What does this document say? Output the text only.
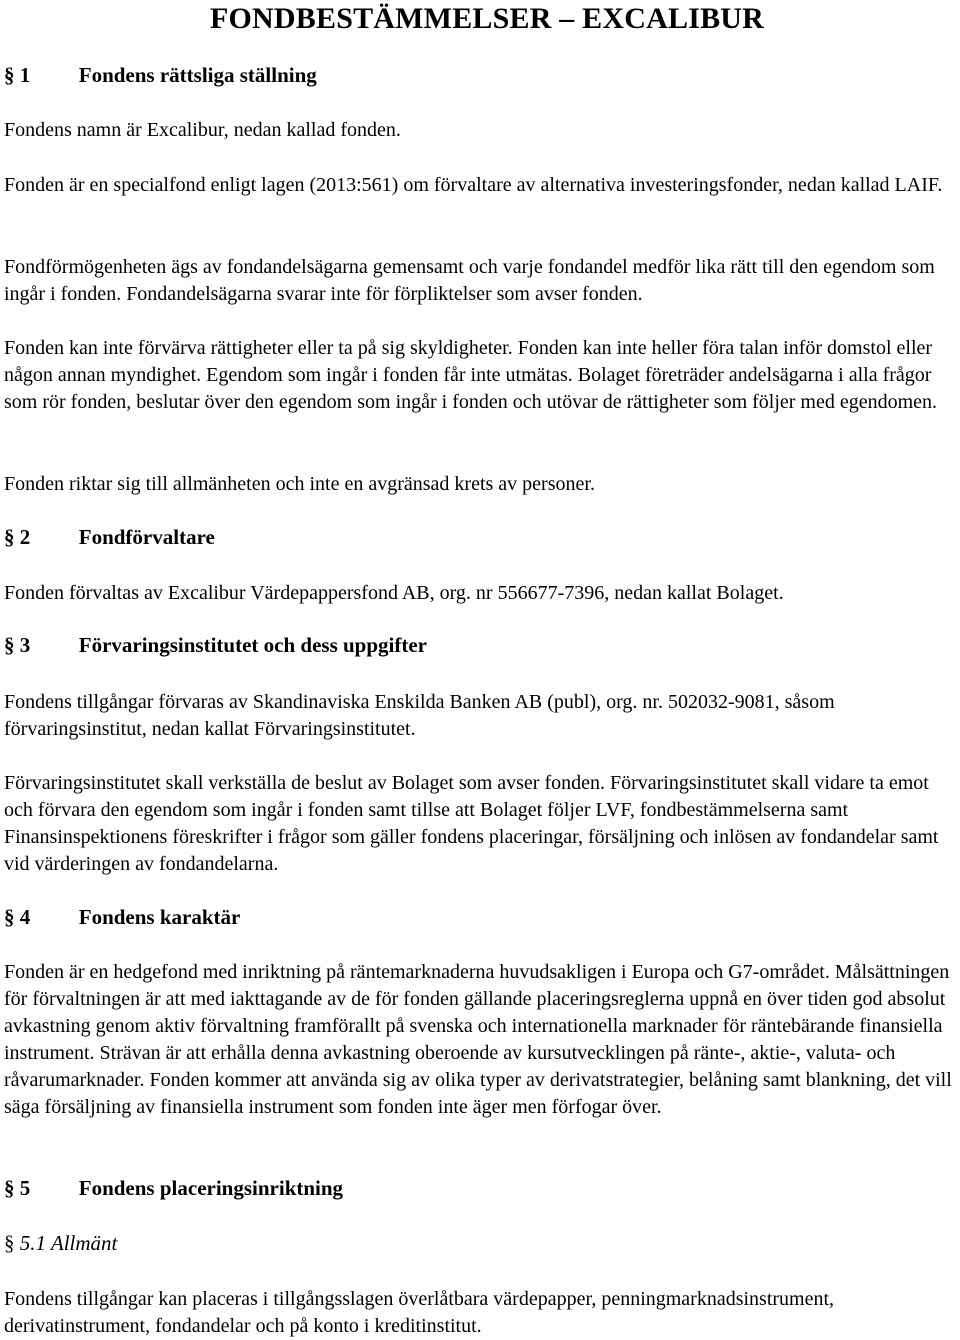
FONDBESTÄMMELSER – EXCALIBUR
§ 1 Fondens rättsliga ställning

Fondens namn är Excalibur, nedan kallad fonden.

Fonden är en specialfond enligt lagen (2013:561) om förvaltare av alternativa investeringsfonder, nedan kallad LAIF.

Fondförmögenheten ägs av fondandelsägarna gemensamt och varje fondandel medför lika rätt till den egendom som ingår i fonden. Fondandelsägarna svarar inte för förpliktelser som avser fonden.

Fonden kan inte förvärva rättigheter eller ta på sig skyldigheter. Fonden kan inte heller föra talan inför domstol eller någon annan myndighet. Egendom som ingår i fonden får inte utmätas. Bolaget företräder andelsägarna i alla frågor som rör fonden, beslutar över den egendom som ingår i fonden och utövar de rättigheter som följer med egendomen.

Fonden riktar sig till allmänheten och inte en avgränsad krets av personer.

§ 2 Fondförvaltare

Fonden förvaltas av Excalibur Värdepappersfond AB, org. nr 556677-7396, nedan kallat Bolaget.

§ 3 Förvaringsinstitutet och dess uppgifter

Fondens tillgångar förvaras av Skandinaviska Enskilda Banken AB (publ), org. nr. 502032-9081, såsom förvaringsinstitut, nedan kallat Förvaringsinstitutet.

Förvaringsinstitutet skall verkställa de beslut av Bolaget som avser fonden. Förvaringsinstitutet skall vidare ta emot och förvara den egendom som ingår i fonden samt tillse att Bolaget följer LVF, fondbestämmelserna samt Finansinspektionens föreskrifter i frågor som gäller fondens placeringar, försäljning och inlösen av fondandelar samt vid värderingen av fondandelarna.

§ 4 Fondens karaktär

Fonden är en hedgefond med inriktning på räntemarknaderna huvudsakligen i Europa och G7-området. Målsättningen för förvaltningen är att med iakttagande av de för fonden gällande placeringsreglerna uppnå en över tiden god absolut avkastning genom aktiv förvaltning framförallt på svenska och internationella marknader för räntebärande finansiella instrument. Strävan är att erhålla denna avkastning oberoende av kursutvecklingen på ränte-, aktie-, valuta- och råvarumarknader. Fonden kommer att använda sig av olika typer av derivatstrategier, belåning samt blankning, det vill säga försäljning av finansiella instrument som fonden inte äger men förfogar över.

§ 5 Fondens placeringsinriktning
§ 5.1 Allmänt

Fondens tillgångar kan placeras i tillgångsslagen överlåtbara värdepapper, penningmarknadsinstrument, derivatinstrument, fondandelar och på konto i kreditinstitut.
